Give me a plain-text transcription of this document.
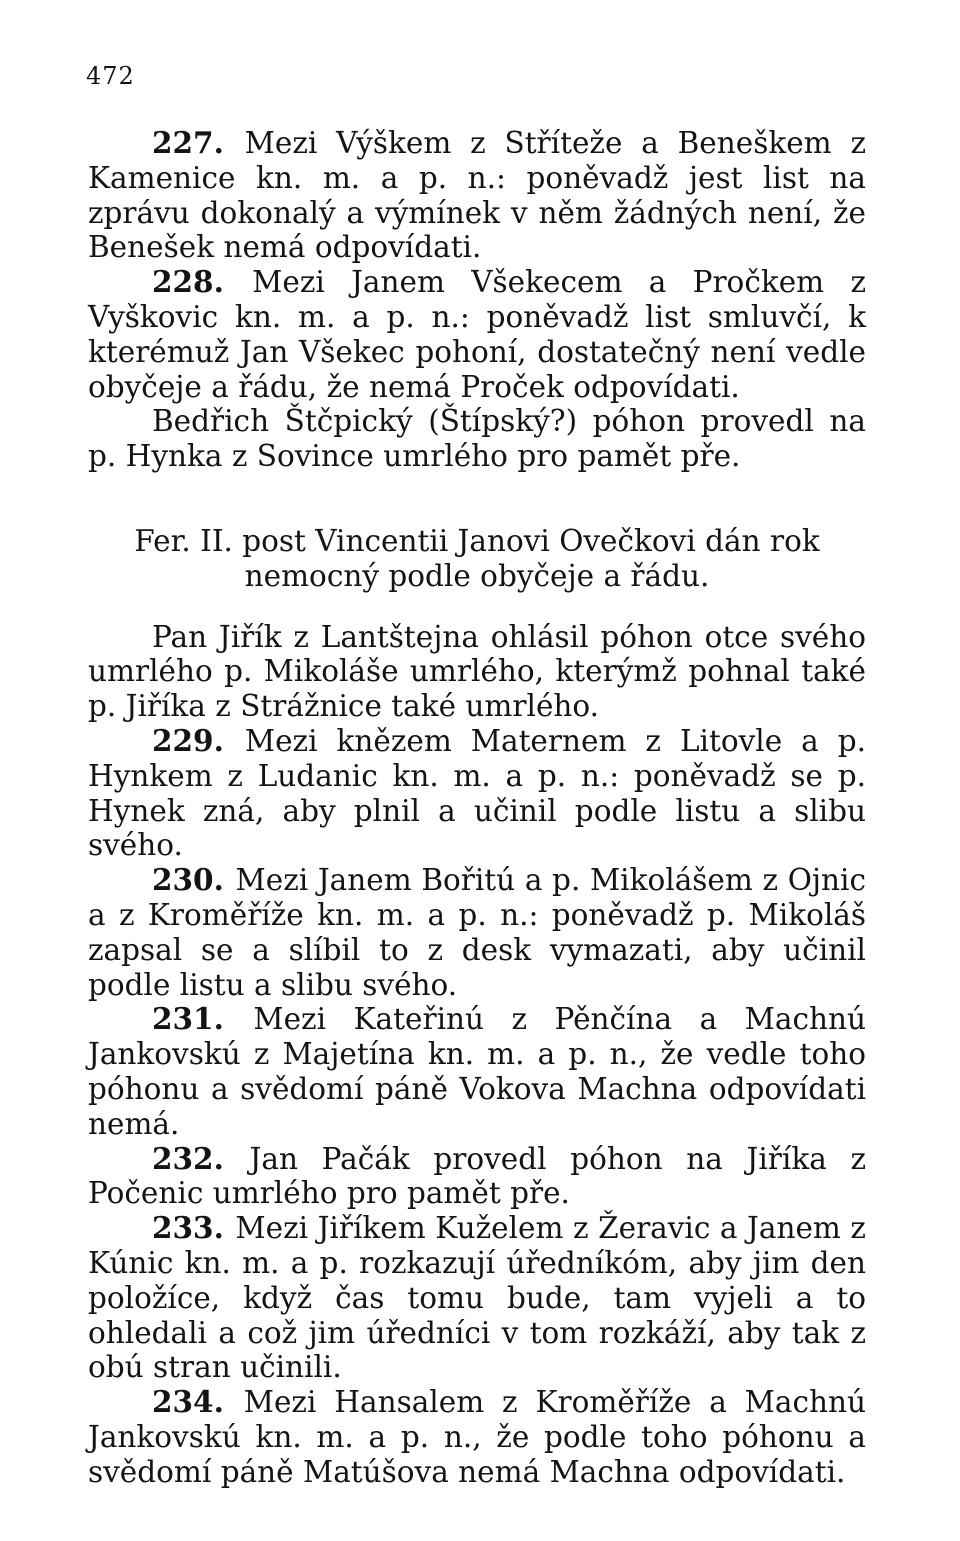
472

227. Mezi Výškem z Stříteže a Beneškem z Kamenice kn. m. a p. n.: poněvadž jest list na zprávu dokonalý a výmínek v něm žádných není, že Benešek nemá odpovídati.

228. Mezi Janem Všekecem a Pročkem z Vyškovic kn. m. a p. n.: poněvadž list smluvčí, k kterémuž Jan Všekec pohoní, dostatečný není vedle obyčeje a řádu, že nemá Proček odpovídati.

Bedřich Štčpický (Štípský?) póhon provedl na p. Hynka z Sovince umrlého pro pamět pře.

Fer. II. post Vincentii Janovi Ovečkovi dán rok

nemocný podle obyčeje a řádu.

Pan Jiřík z Lantštejna ohlásil póhon otce svého umrlého p. Mikoláše umrlého, kterýmž pohnal také p. Jiříka z Strážnice také umrlého.

229. Mezi knězem Maternem z Litovle a p. Hynkem z Ludanic kn. m. a p. n.: poněvadž se p. Hynek zná, aby plnil a učinil podle listu a slibu svého.

230. Mezi Janem Bořitú a p. Mikolášem z Ojnic a z Kroměříže kn. m. a p. n.: poněvadž p. Mikoláš zapsal se a slíbil to z desk vymazati, aby učinil podle listu a slibu svého.

231. Mezi Kateřinú z Pěnčína a Machnú Jankovskú z Majetína kn. m. a p. n., že vedle toho póhonu a svědomí páně Vokova Machna odpovídati nemá.

232. Jan Pačák provedl póhon na Jiříka z Počenic umrlého pro pamět pře.

233. Mezi Jiříkem Kuželem z Žeravic a Janem z Kúnic kn. m. a p. rozkazují úředníkóm, aby jim den položíce, když čas tomu bude, tam vyjeli a to ohledali a což jim úředníci v tom rozkáží, aby tak z obú stran učinili.

234. Mezi Hansalem z Kroměříže a Machnú Jankovskú kn. m. a p. n., že podle toho póhonu a svědomí páně Matúšova nemá Machna odpovídati.
